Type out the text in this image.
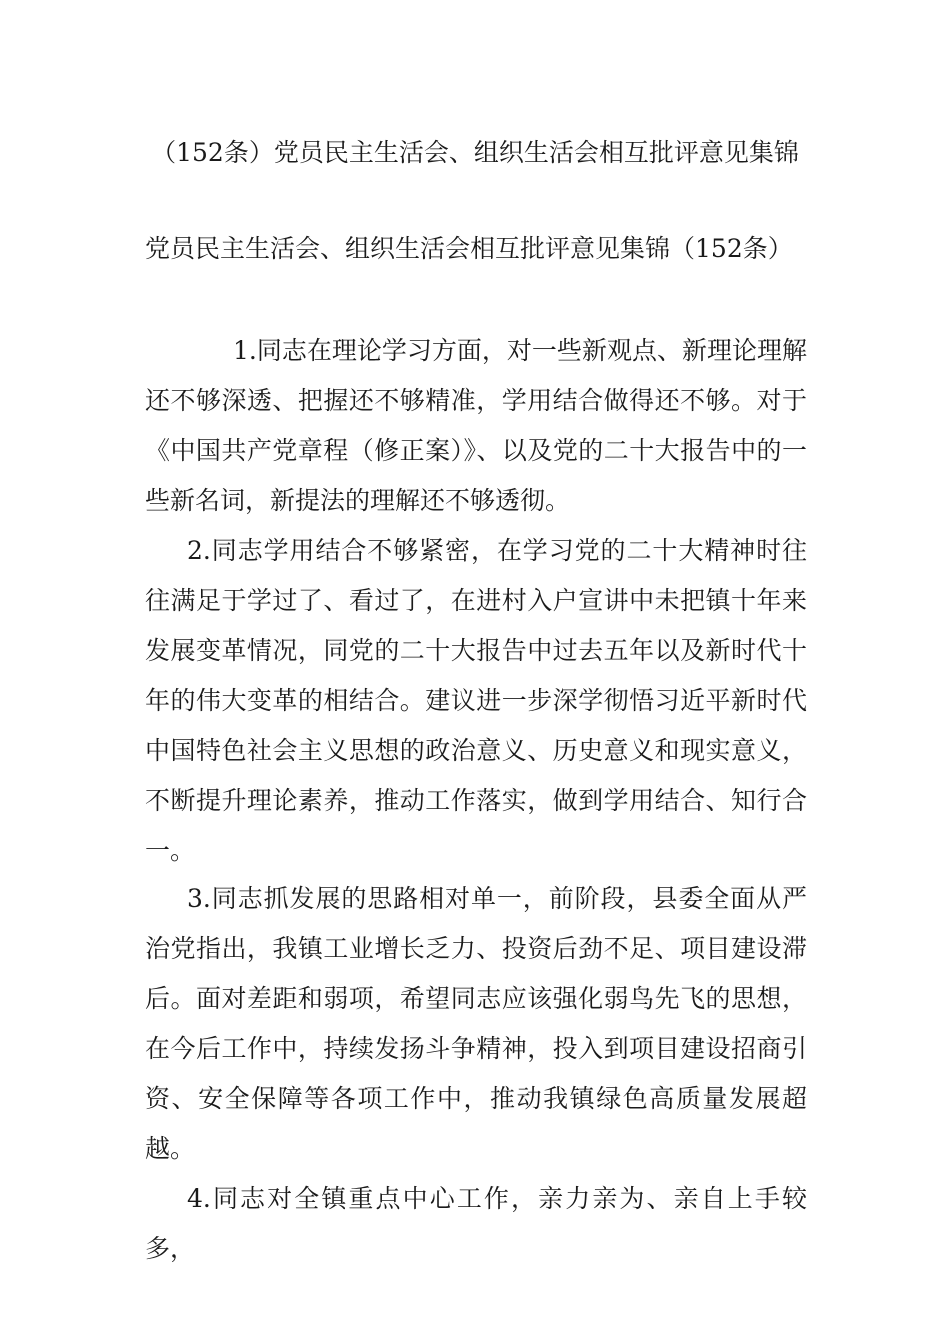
（152条）党员民主生活会、组织生活会相互批评意见集锦

党员民主生活会、组织生活会相互批评意见集锦（152条）

1.同志在理论学习方面，对一些新观点、新理论理解还不够深透、把握还不够精准，学用结合做得还不够。对于《中国共产党章程（修正案）》、以及党的二十大报告中的一些新名词，新提法的理解还不够透彻。

2.同志学用结合不够紧密，在学习党的二十大精神时往往满足于学过了、看过了，在进村入户宣讲中未把镇十年来发展变革情况，同党的二十大报告中过去五年以及新时代十年的伟大变革的相结合。建议进一步深学彻悟习近平新时代中国特色社会主义思想的政治意义、历史意义和现实意义，不断提升理论素养，推动工作落实，做到学用结合、知行合一。

3.同志抓发展的思路相对单一，前阶段，县委全面从严治党指出，我镇工业增长乏力、投资后劲不足、项目建设滞后。面对差距和弱项，希望同志应该强化弱鸟先飞的思想，在今后工作中，持续发扬斗争精神，投入到项目建设招商引资、安全保障等各项工作中，推动我镇绿色高质量发展超越。

4.同志对全镇重点中心工作，亲力亲为、亲自上手较多，
